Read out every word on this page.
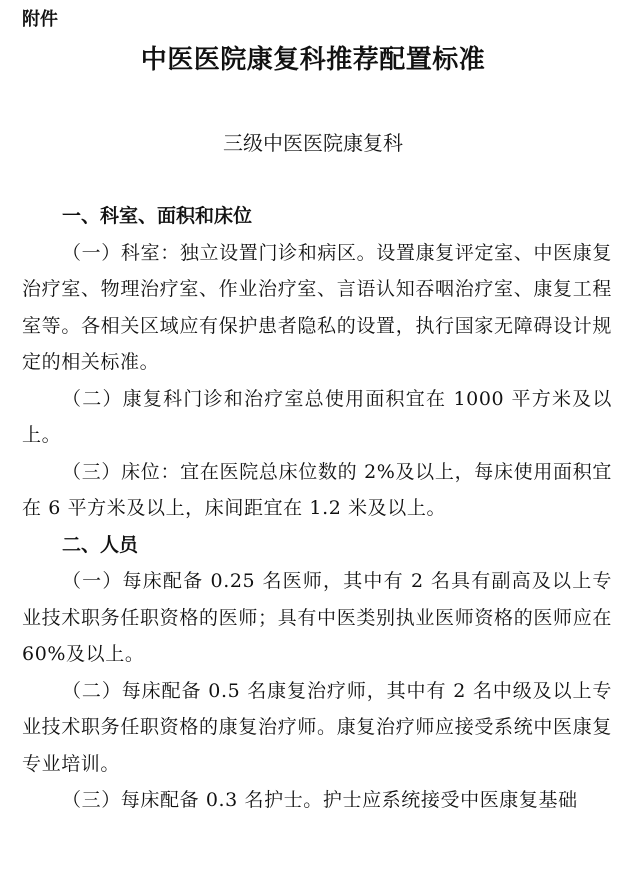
附件
中医医院康复科推荐配置标准
三级中医医院康复科
一、科室、面积和床位

（一）科室：独立设置门诊和病区。设置康复评定室、中医康复治疗室、物理治疗室、作业治疗室、言语认知吞咽治疗室、康复工程室等。各相关区域应有保护患者隐私的设置，执行国家无障碍设计规定的相关标准。

（二）康复科门诊和治疗室总使用面积宜在 1000 平方米及以上。

（三）床位：宜在医院总床位数的 2%及以上，每床使用面积宜在 6 平方米及以上，床间距宜在 1.2 米及以上。

二、人员

（一）每床配备 0.25 名医师，其中有 2 名具有副高及以上专业技术职务任职资格的医师；具有中医类别执业医师资格的医师应在 60%及以上。

（二）每床配备 0.5 名康复治疗师，其中有 2 名中级及以上专业技术职务任职资格的康复治疗师。康复治疗师应接受系统中医康复专业培训。

（三）每床配备 0.3 名护士。护士应系统接受中医康复基础
